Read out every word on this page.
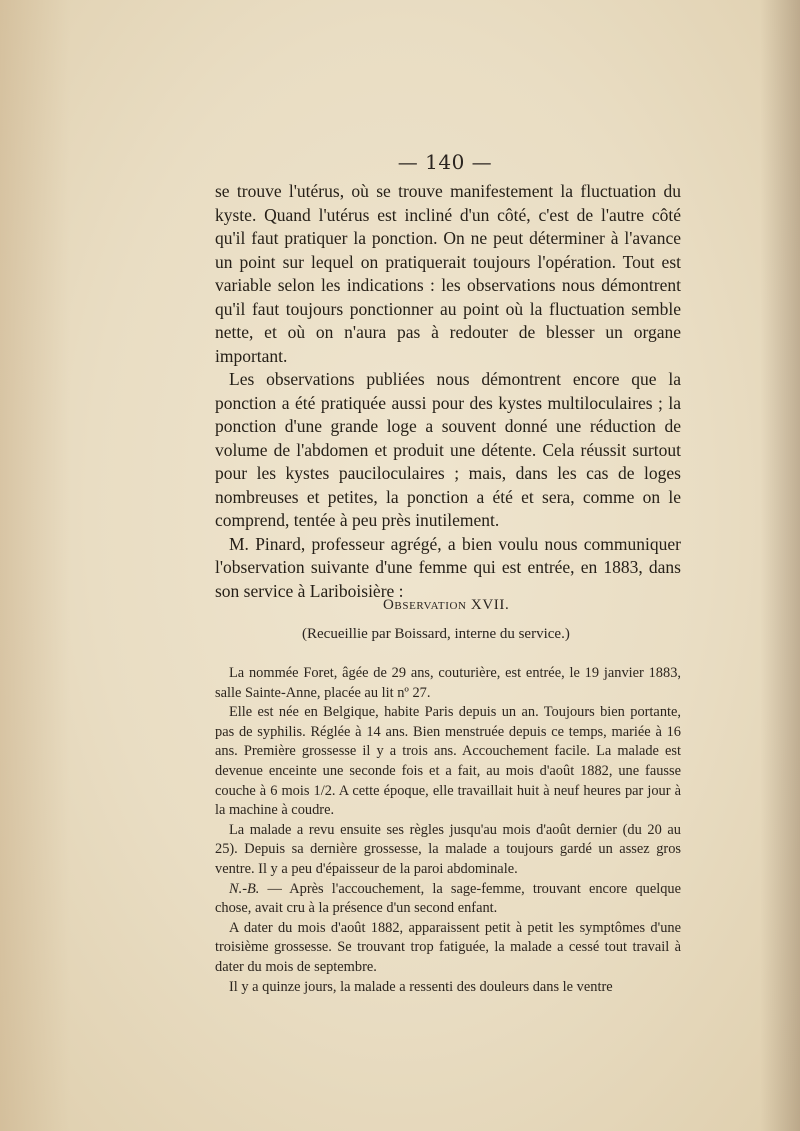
— 140 —

se trouve l'utérus, où se trouve manifestement la fluctuation du kyste. Quand l'utérus est incliné d'un côté, c'est de l'autre côté qu'il faut pratiquer la ponction. On ne peut déterminer à l'avance un point sur lequel on pratiquerait toujours l'opération. Tout est variable selon les indications : les observations nous démontrent qu'il faut toujours ponctionner au point où la fluctuation semble nette, et où on n'aura pas à redouter de blesser un organe important.

Les observations publiées nous démontrent encore que la ponction a été pratiquée aussi pour des kystes multiloculaires ; la ponction d'une grande loge a souvent donné une réduction de volume de l'abdomen et produit une détente. Cela réussit surtout pour les kystes pauciloculaires ; mais, dans les cas de loges nombreuses et petites, la ponction a été et sera, comme on le comprend, tentée à peu près inutilement.

M. Pinard, professeur agrégé, a bien voulu nous communiquer l'observation suivante d'une femme qui est entrée, en 1883, dans son service à Lariboisière :

Observation XVII.
(Recueillie par Boissard, interne du service.)

La nommée Foret, âgée de 29 ans, couturière, est entrée, le 19 janvier 1883, salle Sainte-Anne, placée au lit nº 27.

Elle est née en Belgique, habite Paris depuis un an. Toujours bien portante, pas de syphilis. Réglée à 14 ans. Bien menstruée depuis ce temps, mariée à 16 ans. Première grossesse il y a trois ans. Accouchement facile. La malade est devenue enceinte une seconde fois et a fait, au mois d'août 1882, une fausse couche à 6 mois 1/2. A cette époque, elle travaillait huit à neuf heures par jour à la machine à coudre.

La malade a revu ensuite ses règles jusqu'au mois d'août dernier (du 20 au 25). Depuis sa dernière grossesse, la malade a toujours gardé un assez gros ventre. Il y a peu d'épaisseur de la paroi abdominale.

N.-B. — Après l'accouchement, la sage-femme, trouvant encore quelque chose, avait cru à la présence d'un second enfant.

A dater du mois d'août 1882, apparaissent petit à petit les symptômes d'une troisième grossesse. Se trouvant trop fatiguée, la malade a cessé tout travail à dater du mois de septembre.

Il y a quinze jours, la malade a ressenti des douleurs dans le ventre
